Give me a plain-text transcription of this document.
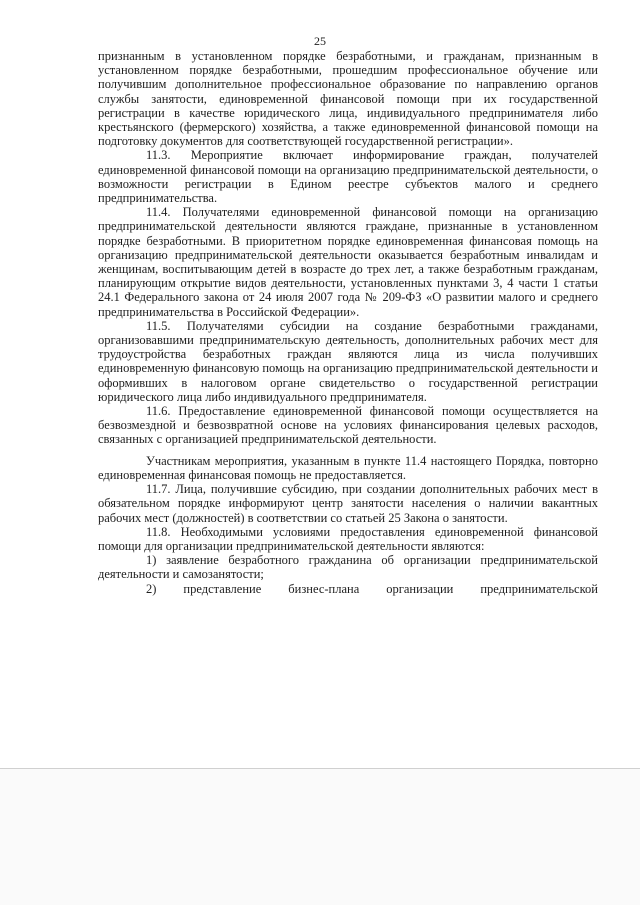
25

признанным в установленном порядке безработными, и гражданам, признанным в установленном порядке безработными, прошедшим профессиональное обучение или получившим дополнительное профессиональное образование по направлению органов службы занятости, единовременной финансовой помощи при их государственной регистрации в качестве юридического лица, индивидуального предпринимателя либо крестьянского (фермерского) хозяйства, а также единовременной финансовой помощи на подготовку документов для соответствующей государственной регистрации».

11.3. Мероприятие включает информирование граждан, получателей единовременной финансовой помощи на организацию предпринимательской деятельности, о возможности регистрации в Едином реестре субъектов малого и среднего предпринимательства.

11.4. Получателями единовременной финансовой помощи на организацию предпринимательской деятельности являются граждане, признанные в установленном порядке безработными. В приоритетном порядке единовременная финансовая помощь на организацию предпринимательской деятельности оказывается безработным инвалидам и женщинам, воспитывающим детей в возрасте до трех лет, а также безработным гражданам, планирующим открытие видов деятельности, установленных пунктами 3, 4 части 1 статьи 24.1 Федерального закона от 24 июля 2007 года № 209-ФЗ «О развитии малого и среднего предпринимательства в Российской Федерации».

11.5. Получателями субсидии на создание безработными гражданами, организовавшими предпринимательскую деятельность, дополнительных рабочих мест для трудоустройства безработных граждан являются лица из числа получивших единовременную финансовую помощь на организацию предпринимательской деятельности и оформивших в налоговом органе свидетельство о государственной регистрации юридического лица либо индивидуального предпринимателя.

11.6. Предоставление единовременной финансовой помощи осуществляется на безвозмездной и безвозвратной основе на условиях финансирования целевых расходов, связанных с организацией предпринимательской деятельности.

Участникам мероприятия, указанным в пункте 11.4 настоящего Порядка, повторно единовременная финансовая помощь не предоставляется.

11.7. Лица, получившие субсидию, при создании дополнительных рабочих мест в обязательном порядке информируют центр занятости населения о наличии вакантных рабочих мест (должностей) в соответствии со статьей 25 Закона о занятости.

11.8. Необходимыми условиями предоставления единовременной финансовой помощи для организации предпринимательской деятельности являются:

1) заявление безработного гражданина об организации предпринимательской деятельности и самозанятости;

2) представление бизнес-плана организации предпринимательской
